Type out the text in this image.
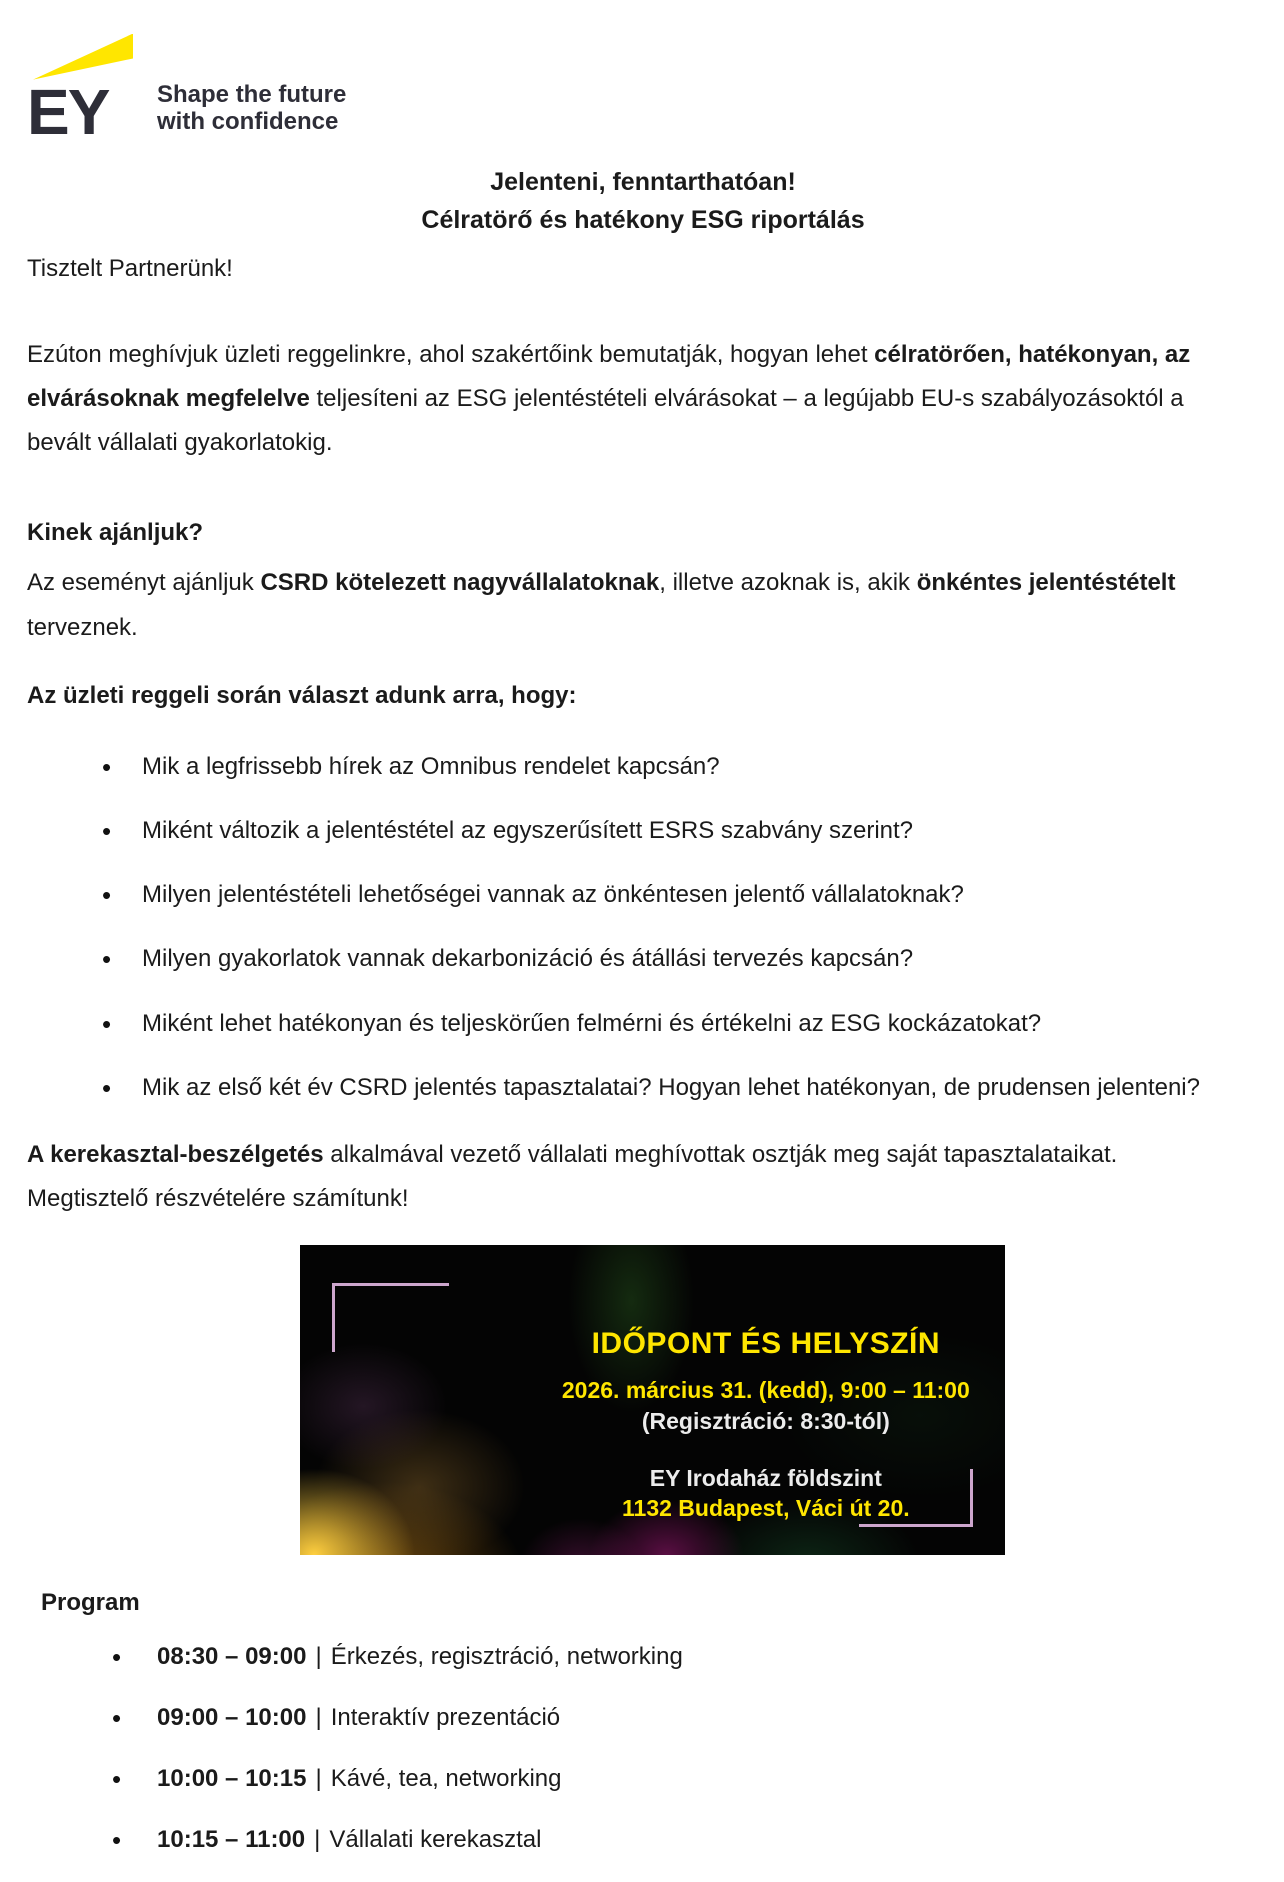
EY	Shape the future
with confidence
Jelenteni, fenntarthatóan!
Célratörő és hatékony ESG riportálás
Tisztelt Partnerünk!

Ezúton meghívjuk üzleti reggelinkre, ahol szakértőink bemutatják, hogyan lehet célratörően, hatékonyan, az elvárásoknak megfelelve teljesíteni az ESG jelentéstételi elvárásokat – a legújabb EU-s szabályozásoktól a bevált vállalati gyakorlatokig.

Kinek ajánljuk?

Az eseményt ajánljuk CSRD kötelezett nagyvállalatoknak, illetve azoknak is, akik önkéntes jelentéstételt terveznek.

Az üzleti reggeli során választ adunk arra, hogy:
• Mik a legfrissebb hírek az Omnibus rendelet kapcsán?
• Miként változik a jelentéstétel az egyszerűsített ESRS szabvány szerint?
• Milyen jelentéstételi lehetőségei vannak az önkéntesen jelentő vállalatoknak?
• Milyen gyakorlatok vannak dekarbonizáció és átállási tervezés kapcsán?
• Miként lehet hatékonyan és teljeskörűen felmérni és értékelni az ESG kockázatokat?
• Mik az első két év CSRD jelentés tapasztalatai? Hogyan lehet hatékonyan, de prudensen jelenteni?

A kerekasztal-beszélgetés alkalmával vezető vállalati meghívottak osztják meg saját tapasztalataikat. Megtisztelő részvételére számítunk!

IDŐPONT ÉS HELYSZÍN
2026. március 31. (kedd), 9:00 – 11:00
(Regisztráció: 8:30-tól)
EY Irodaház földszint
1132 Budapest, Váci út 20.
Program
• 08:30 – 09:00 | Érkezés, regisztráció, networking
• 09:00 – 10:00 | Interaktív prezentáció
• 10:00 – 10:15 | Kávé, tea, networking
• 10:15 – 11:00 | Vállalati kerekasztal
